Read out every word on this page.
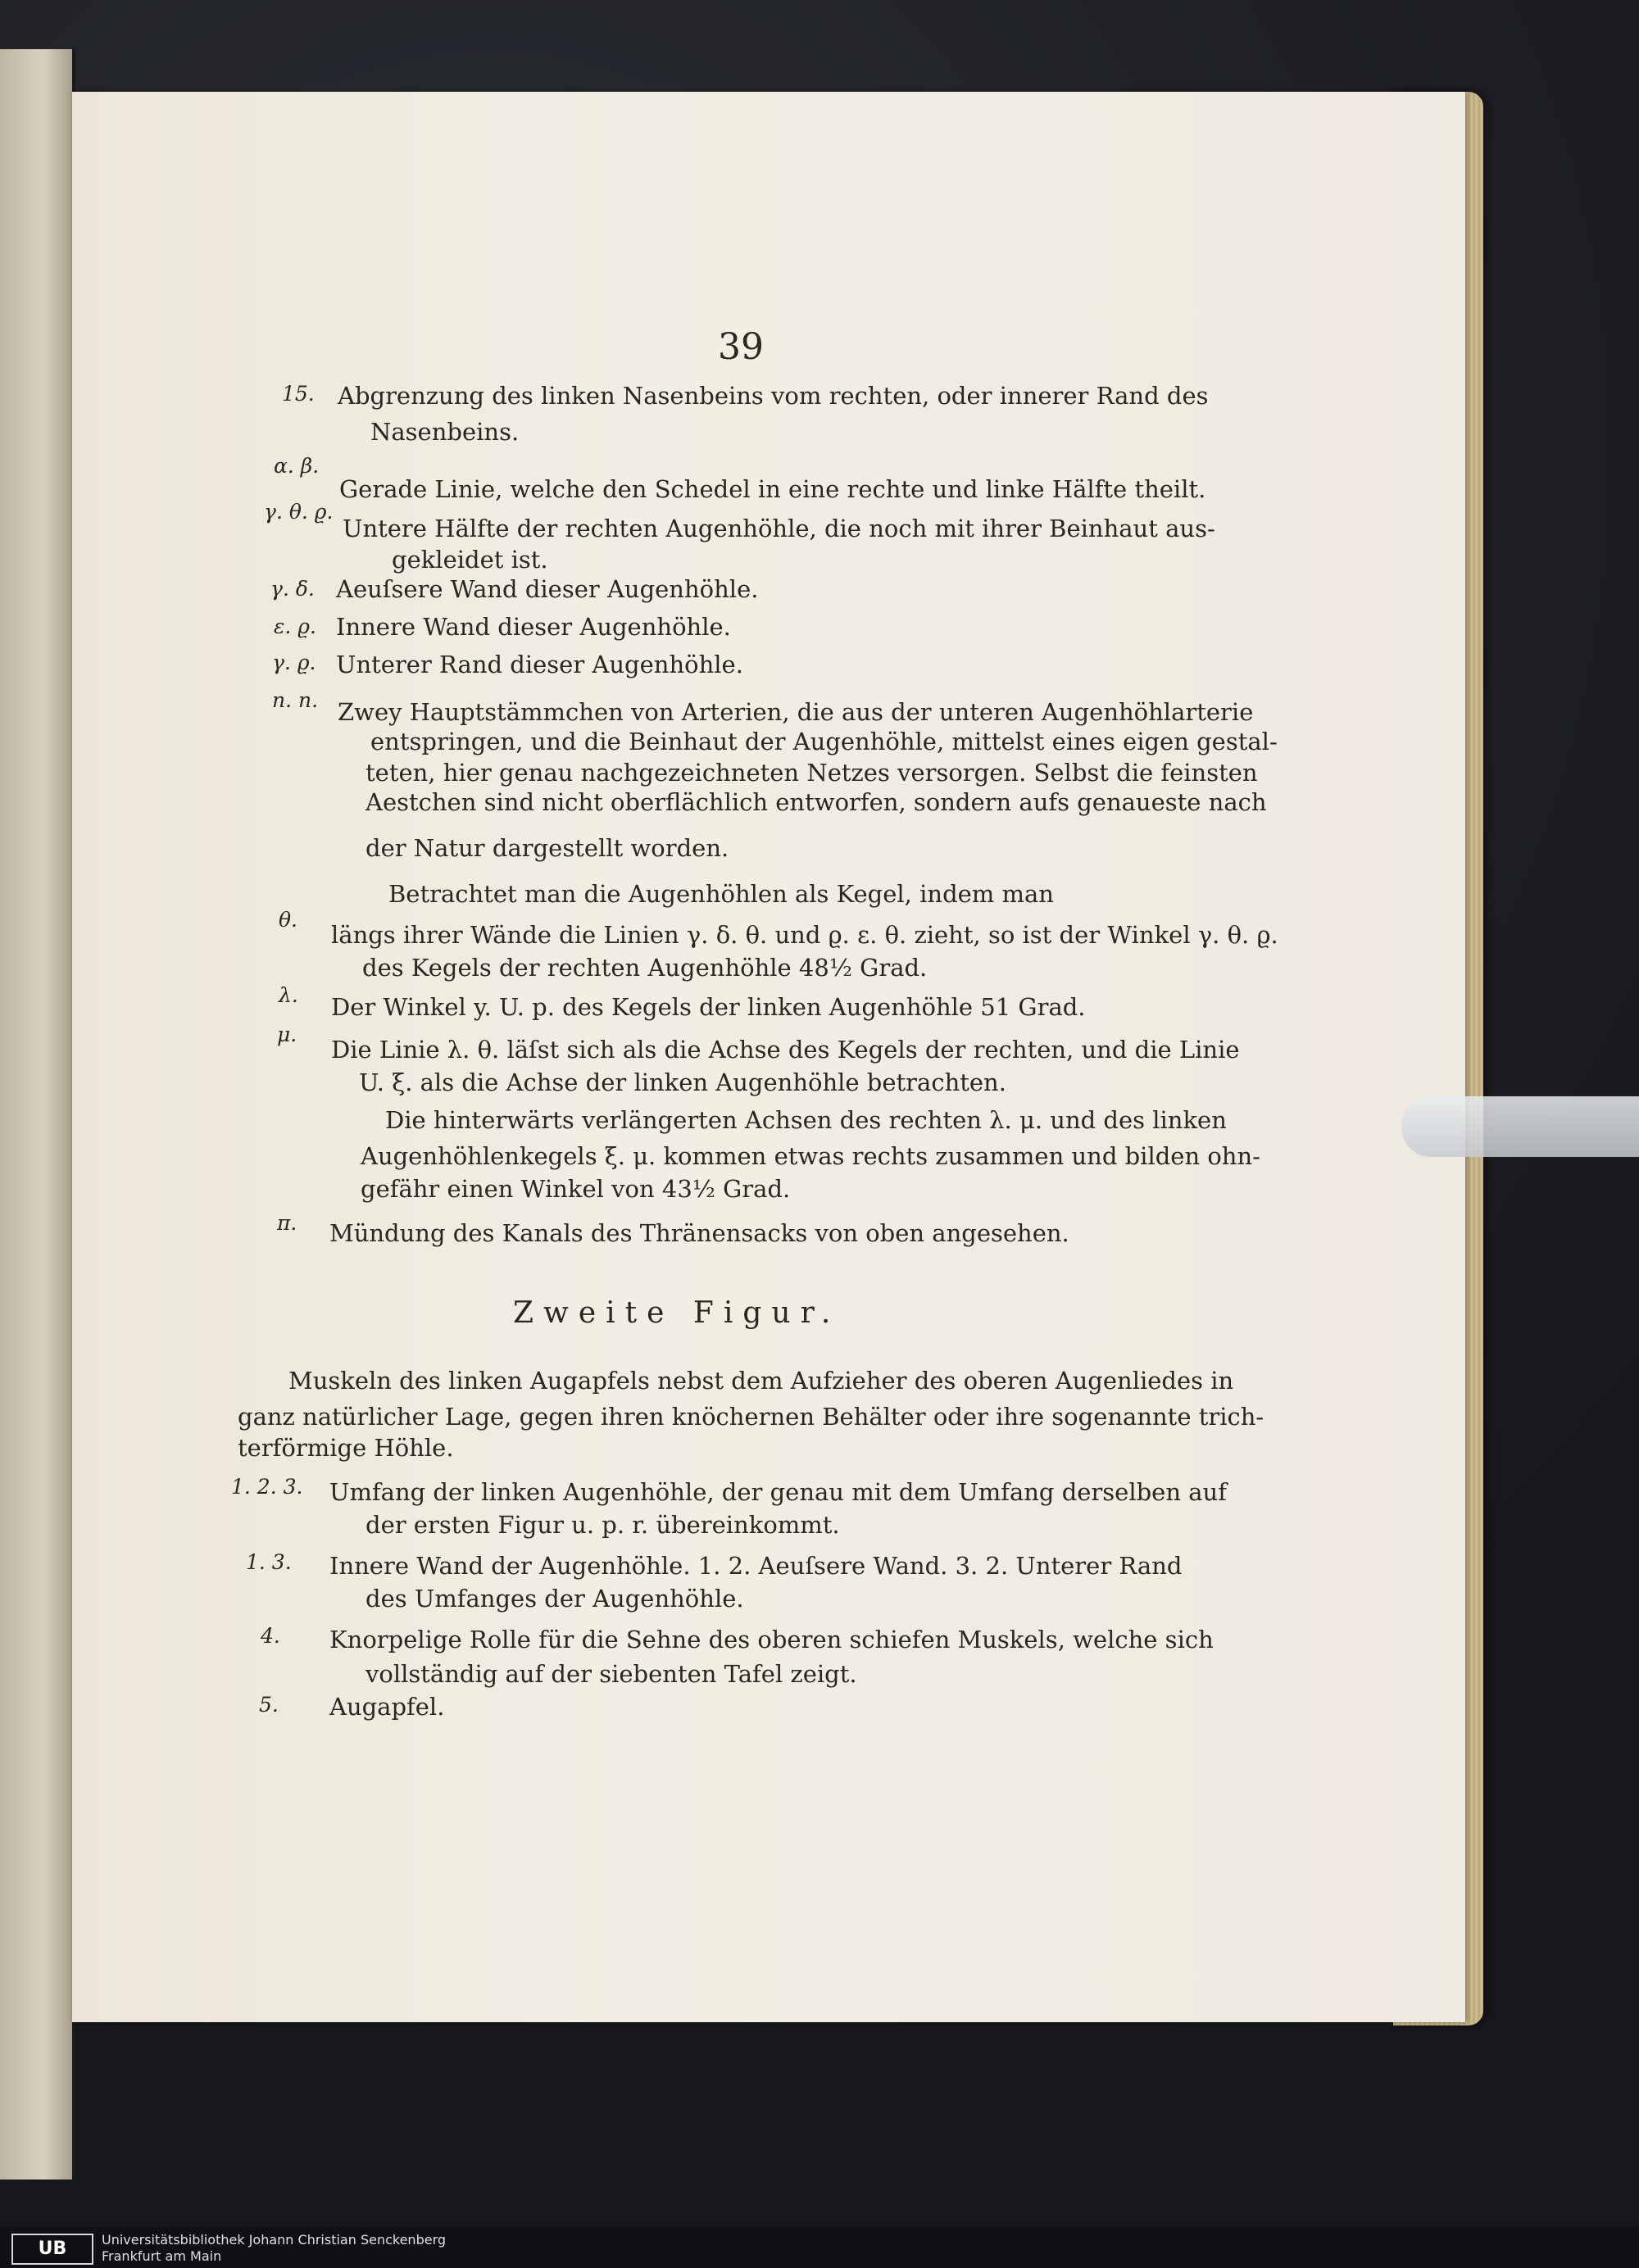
39
15. Abgrenzung des linken Nasenbeins vom rechten, oder innerer Rand des
Nasenbeins.
α. β.
Gerade Linie, welche den Schedel in eine rechte und linke Hälfte theilt.
γ. θ. ϱ.
Untere Hälfte der rechten Augenhöhle, die noch mit ihrer Beinhaut aus-
gekleidet ist.
γ. δ. Aeuſsere Wand dieser Augenhöhle.
ε. ϱ. Innere Wand dieser Augenhöhle.
γ. ϱ. Unterer Rand dieser Augenhöhle.
n. n. Zwey Hauptstämmchen von Arterien, die aus der unteren Augenhöhlarterie
entspringen, und die Beinhaut der Augenhöhle, mittelst eines eigen gestal-
teten, hier genau nachgezeichneten Netzes versorgen. Selbst die feinsten
Aestchen sind nicht oberflächlich entworfen, sondern aufs genaueste nach
der Natur dargestellt worden.
Betrachtet man die Augenhöhlen als Kegel, indem man
θ.
längs ihrer Wände die Linien γ. δ. θ. und ϱ. ε. θ. zieht, so ist der Winkel γ. θ. ϱ.
des Kegels der rechten Augenhöhle 48½ Grad.
λ. Der Winkel y. U. p. des Kegels der linken Augenhöhle 51 Grad.
μ.
Die Linie λ. θ. läſst sich als die Achse des Kegels der rechten, und die Linie
U. ξ. als die Achse der linken Augenhöhle betrachten.
Die hinterwärts verlängerten Achsen des rechten λ. μ. und des linken
Augenhöhlenkegels ξ. μ. kommen etwas rechts zusammen und bilden ohn-
gefähr einen Winkel von 43½ Grad.
π. Mündung des Kanals des Thränensacks von oben angesehen.
Zweite Figur.
Muskeln des linken Augapfels nebst dem Aufzieher des oberen Augenliedes in
ganz natürlicher Lage, gegen ihren knöchernen Behälter oder ihre sogenannte trich-
terförmige Höhle.
1. 2. 3. Umfang der linken Augenhöhle, der genau mit dem Umfang derselben auf
der ersten Figur u. p. r. übereinkommt.
1. 3. Innere Wand der Augenhöhle. 1. 2. Aeuſsere Wand. 3. 2. Unterer Rand
des Umfanges der Augenhöhle.
4. Knorpelige Rolle für die Sehne des oberen schiefen Muskels, welche sich
vollständig auf der siebenten Tafel zeigt.
5. Augapfel.
UB	Universitätsbibliothek Johann Christian Senckenberg
Frankfurt am Main
